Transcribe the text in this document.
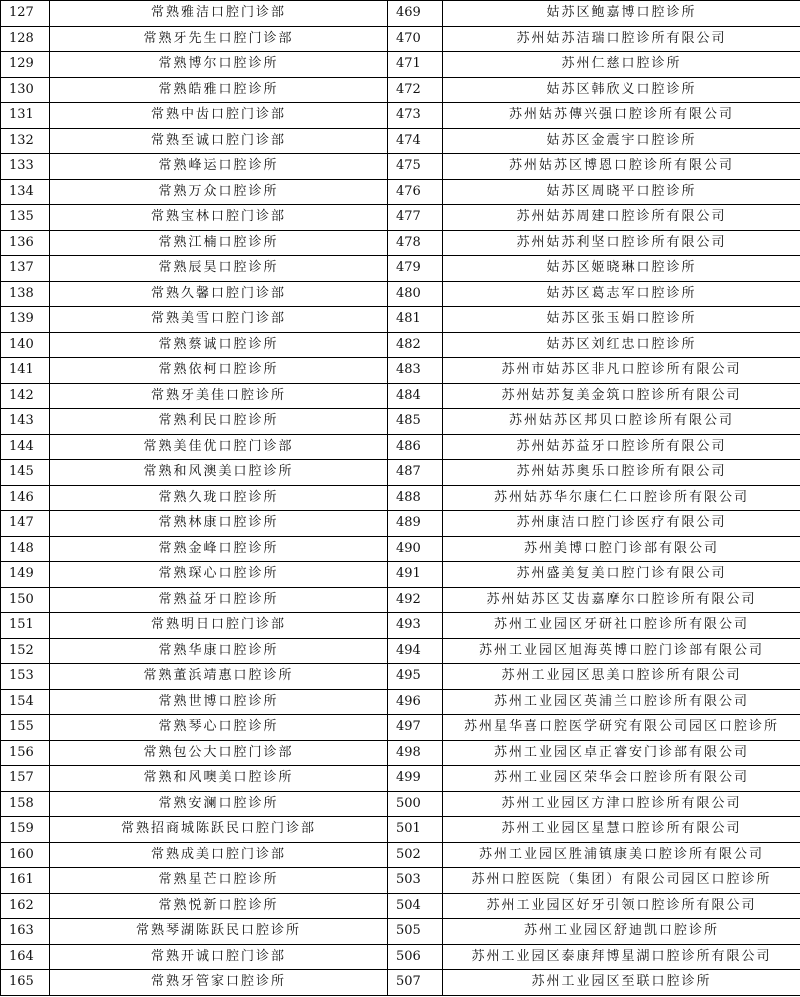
127	常熟雅洁口腔门诊部	469	姑苏区鲍嘉博口腔诊所
128	常熟牙先生口腔门诊部	470	苏州姑苏洁瑞口腔诊所有限公司
129	常熟博尔口腔诊所	471	苏州仁慈口腔诊所
130	常熟皓雅口腔诊所	472	姑苏区韩欣义口腔诊所
131	常熟中齿口腔门诊部	473	苏州姑苏傳兴强口腔诊所有限公司
132	常熟至诚口腔门诊部	474	姑苏区金震宇口腔诊所
133	常熟峰运口腔诊所	475	苏州姑苏区博恩口腔诊所有限公司
134	常熟万众口腔诊所	476	姑苏区周晓平口腔诊所
135	常熟宝林口腔门诊部	477	苏州姑苏周建口腔诊所有限公司
136	常熟江楠口腔诊所	478	苏州姑苏利坚口腔诊所有限公司
137	常熟辰昊口腔诊所	479	姑苏区姬晓琳口腔诊所
138	常熟久馨口腔门诊部	480	姑苏区葛志军口腔诊所
139	常熟美雪口腔门诊部	481	姑苏区张玉娟口腔诊所
140	常熟蔡诚口腔诊所	482	姑苏区刘红忠口腔诊所
141	常熟依柯口腔诊所	483	苏州市姑苏区非凡口腔诊所有限公司
142	常熟牙美佳口腔诊所	484	苏州姑苏复美金筑口腔诊所有限公司
143	常熟利民口腔诊所	485	苏州姑苏区邦贝口腔诊所有限公司
144	常熟美佳优口腔门诊部	486	苏州姑苏益牙口腔诊所有限公司
145	常熟和风澳美口腔诊所	487	苏州姑苏奥乐口腔诊所有限公司
146	常熟久珑口腔诊所	488	苏州姑苏华尔康仁仁口腔诊所有限公司
147	常熟林康口腔诊所	489	苏州康洁口腔门诊医疗有限公司
148	常熟金峰口腔诊所	490	苏州美博口腔门诊部有限公司
149	常熟琛心口腔诊所	491	苏州盛美复美口腔门诊有限公司
150	常熟益牙口腔诊所	492	苏州姑苏区艾齿嘉摩尔口腔诊所有限公司
151	常熟明日口腔门诊部	493	苏州工业园区牙研社口腔诊所有限公司
152	常熟华康口腔诊所	494	苏州工业园区旭海英博口腔门诊部有限公司
153	常熟董浜靖惠口腔诊所	495	苏州工业园区思美口腔诊所有限公司
154	常熟世博口腔诊所	496	苏州工业园区英浦兰口腔诊所有限公司
155	常熟琴心口腔诊所	497	苏州星华喜口腔医学研究有限公司园区口腔诊所
156	常熟包公大口腔门诊部	498	苏州工业园区卓正睿安门诊部有限公司
157	常熟和风噢美口腔诊所	499	苏州工业园区荣华会口腔诊所有限公司
158	常熟安澜口腔诊所	500	苏州工业园区方津口腔诊所有限公司
159	常熟招商城陈跃民口腔门诊部	501	苏州工业园区星慧口腔诊所有限公司
160	常熟成美口腔门诊部	502	苏州工业园区胜浦镇康美口腔诊所有限公司
161	常熟星芒口腔诊所	503	苏州口腔医院（集团）有限公司园区口腔诊所
162	常熟悦新口腔诊所	504	苏州工业园区好牙引领口腔诊所有限公司
163	常熟琴湖陈跃民口腔诊所	505	苏州工业园区舒迪凯口腔诊所
164	常熟开诚口腔门诊部	506	苏州工业园区泰康拜博星湖口腔诊所有限公司
165	常熟牙管家口腔诊所	507	苏州工业园区至联口腔诊所
